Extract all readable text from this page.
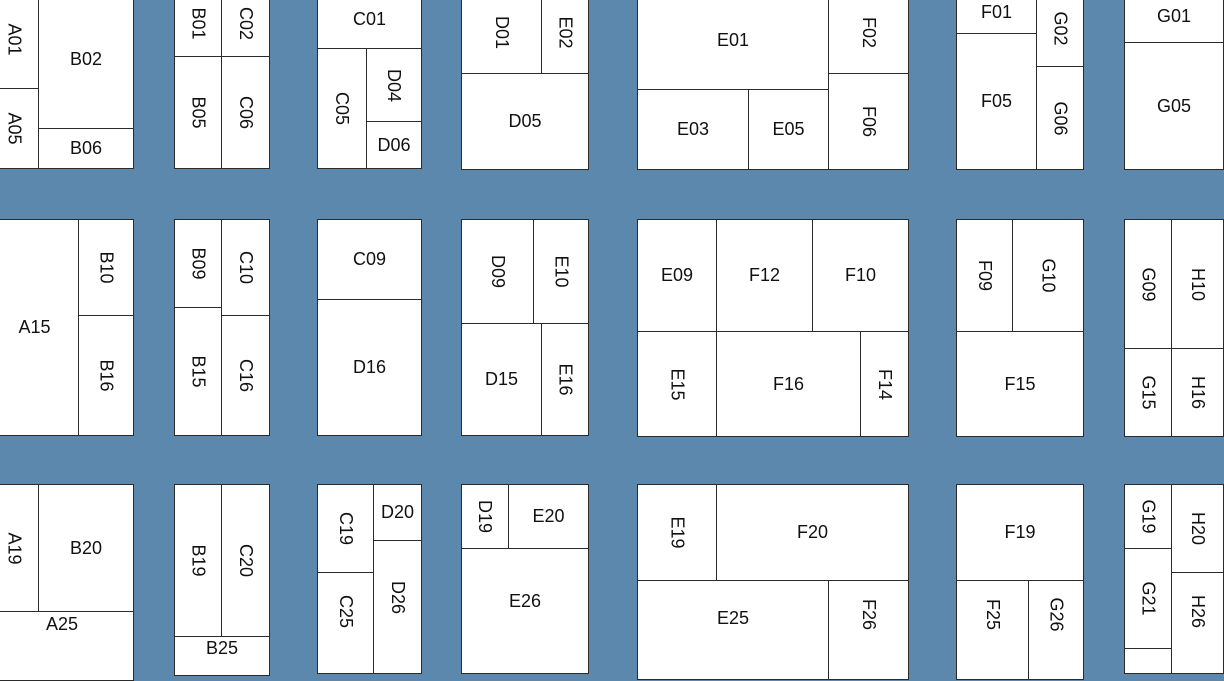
A01
A05
B02
B06
B01 C02
B05 C06
C01
C05
D04
D06
D01 E02
D05
E01	F02
E03	E05	F06
F01 G02
F05 G06
G01
G05
A15
B10
B16
B09 C10
B15 C16
C09
D16
D09 E10
D15 E16
E09	F12	F10
E15	F16	F14
F09 G10
F15
G09 H10
G15 H16
A19 B20
A25
B19 C20
B25
C19 D20
C25 D26
D19 E20
E26
E19	F20
E25	F26
F19
F25 G26
G19 H20
G21 H26
